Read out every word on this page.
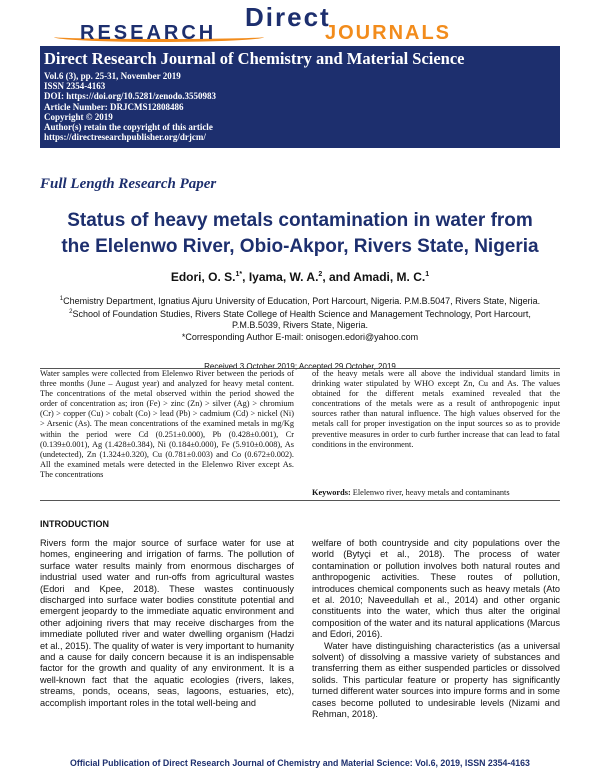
Direct
RESEARCH	JOURNALS
Direct Research Journal of Chemistry and Material Science
Vol.6 (3), pp. 25-31, November 2019
ISSN 2354-4163
DOI: https://doi.org/10.5281/zenodo.3550983
Article Number: DRJCMS12808486
Copyright © 2019
Author(s) retain the copyright of this article
https://directresearchpublisher.org/drjcm/
Full Length Research Paper
Status of heavy metals contamination in water from
the Elelenwo River, Obio-Akpor, Rivers State, Nigeria
Edori, O. S.$^{1*}$, Iyama, W. A.$^2$, and Amadi, M. C.$^1$
$^1$Chemistry Department, Ignatius Ajuru University of Education, Port Harcourt, Nigeria. P.M.B.5047, Rivers State, Nigeria.
$^2$School of Foundation Studies, Rivers State College of Health Science and Management Technology, Port Harcourt, P.M.B.5039, Rivers State, Nigeria.
*Corresponding Author E-mail: onisogen.edori@yahoo.com
Received 3 October 2019; Accepted 29 October, 2019
Water samples were collected from Elelenwo River between the periods of three months (June – August year) and analyzed for heavy metal content. The concentrations of the metal observed within the period showed the order of concentration as; iron (Fe) > zinc (Zn) > silver (Ag) > chromium (Cr) > copper (Cu) > cobalt (Co) > lead (Pb) > cadmium (Cd) > nickel (Ni) > Arsenic (As). The mean concentrations of the examined metals in mg/Kg within the period were Cd (0.251±0.000), Pb (0.428±0.001), Cr (0.139±0.001), Ag (1.428±0.384), Ni (0.184±0.000), Fe (5.910±0.008), As (undetected), Zn (1.324±0.320), Cu (0.781±0.003) and Co (0.672±0.002). All the examined metals were detected in the Elelenwo River except As. The concentrations
of the heavy metals were all above the individual standard limits in drinking water stipulated by WHO except Zn, Cu and As. The values obtained for the different metals examined revealed that the concentrations of the metals were as a result of anthropogenic input sources rather than natural influence. The high values observed for the metals call for proper investigation on the input sources so as to provide preventive measures in order to curb further increase that can lead to fatal conditions in the environment.
Keywords: Elelenwo river, heavy metals and contaminants
INTRODUCTION

Rivers form the major source of surface water for use at homes, engineering and irrigation of farms. The pollution of surface water results mainly from enormous discharges of industrial used water and run-offs from agricultural wastes (Edori and Kpee, 2018). These wastes continuously discharged into surface water bodies constitute potential and emergent jeopardy to the immediate aquatic environment and other adjoining rivers that may receive discharges from the immediate polluted river and water dwelling organism (Hadzi et al., 2015). The quality of water is very important to humanity and a cause for daily concern because it is an indispensable factor for the growth and quality of any environment. It is a well-known fact that the aquatic ecologies (rivers, lakes, streams, ponds, oceans, seas, lagoons, estuaries, etc), accomplish important roles in the total well-being and

welfare of both countryside and city populations over the world (Bytyçi et al., 2018). The process of water contamination or pollution involves both natural routes and anthropogenic activities. These routes of pollution, introduces chemical components such as heavy metals (Ato et al. 2010; Naveedullah et al., 2014) and other organic constituents into the water, which thus alter the original composition of the water and its natural applications (Marcus and Edori, 2016).

Water have distinguishing characteristics (as a universal solvent) of dissolving a massive variety of substances and transferring them as either suspended particles or dissolved solids. This particular feature or property has significantly turned different water sources into impure forms and in some cases become polluted to undesirable levels (Nizami and Rehman, 2018).

Official Publication of Direct Research Journal of Chemistry and Material Science: Vol.6, 2019, ISSN 2354-4163
